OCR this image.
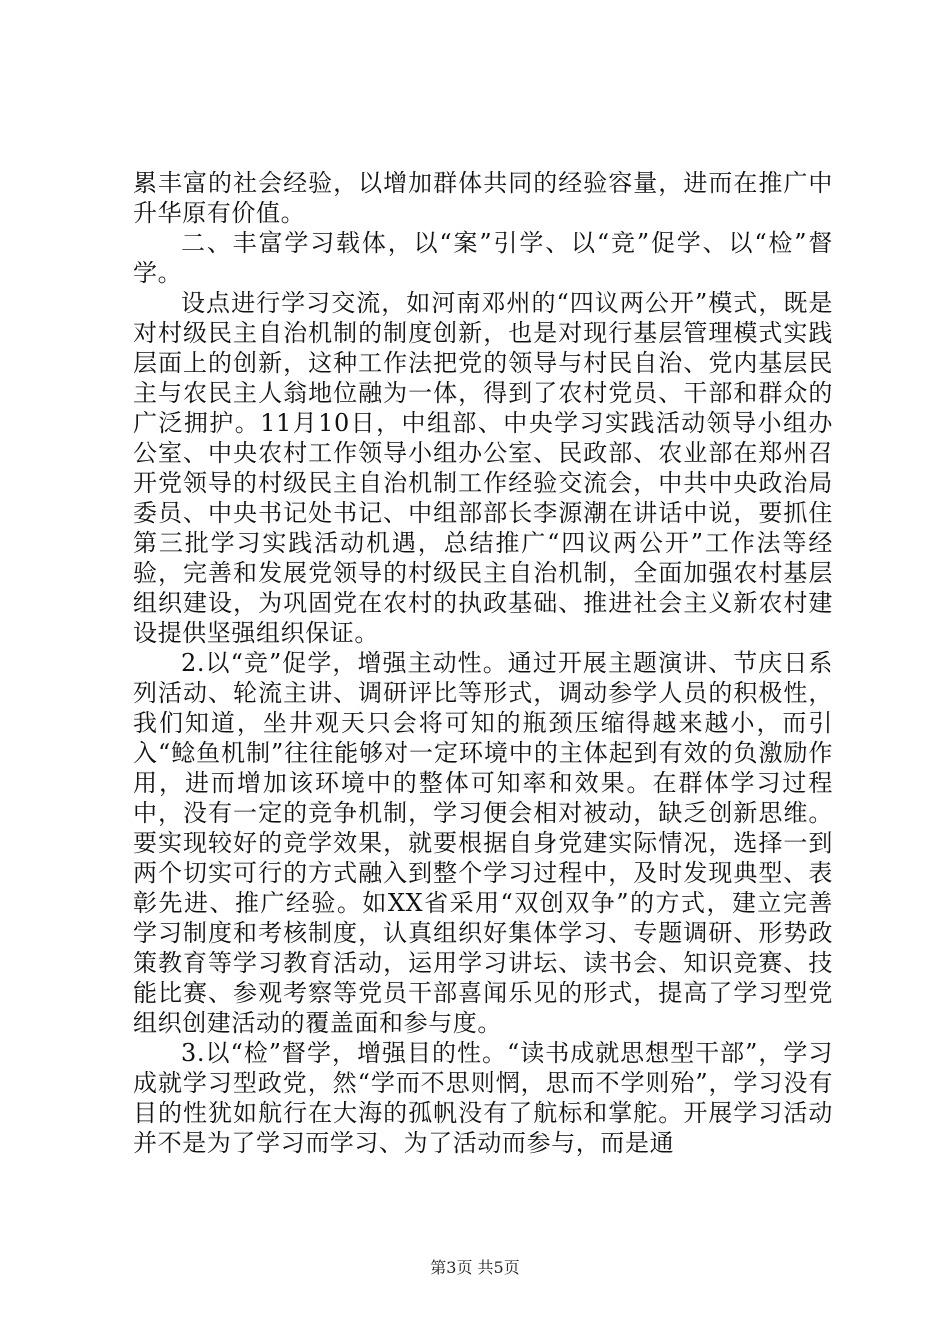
累丰富的社会经验，以增加群体共同的经验容量，进而在推广中升华原有价值。

二、丰富学习载体，以“案”引学、以“竞”促学、以“检”督学。

设点进行学习交流，如河南邓州的“四议两公开”模式，既是对村级民主自治机制的制度创新，也是对现行基层管理模式实践层面上的创新，这种工作法把党的领导与村民自治、党内基层民主与农民主人翁地位融为一体，得到了农村党员、干部和群众的广泛拥护。11月10日，中组部、中央学习实践活动领导小组办公室、中央农村工作领导小组办公室、民政部、农业部在郑州召开党领导的村级民主自治机制工作经验交流会，中共中央政治局委员、中央书记处书记、中组部部长李源潮在讲话中说，要抓住第三批学习实践活动机遇，总结推广“四议两公开”工作法等经验，完善和发展党领导的村级民主自治机制，全面加强农村基层组织建设，为巩固党在农村的执政基础、推进社会主义新农村建设提供坚强组织保证。

2.以“竞”促学，增强主动性。通过开展主题演讲、节庆日系列活动、轮流主讲、调研评比等形式，调动参学人员的积极性，我们知道，坐井观天只会将可知的瓶颈压缩得越来越小，而引入“鲶鱼机制”往往能够对一定环境中的主体起到有效的负激励作用，进而增加该环境中的整体可知率和效果。在群体学习过程中，没有一定的竞争机制，学习便会相对被动，缺乏创新思维。要实现较好的竞学效果，就要根据自身党建实际情况，选择一到两个切实可行的方式融入到整个学习过程中，及时发现典型、表彰先进、推广经验。如XX省采用“双创双争”的方式，建立完善学习制度和考核制度，认真组织好集体学习、专题调研、形势政策教育等学习教育活动，运用学习讲坛、读书会、知识竞赛、技能比赛、参观考察等党员干部喜闻乐见的形式，提高了学习型党组织创建活动的覆盖面和参与度。

3.以“检”督学，增强目的性。“读书成就思想型干部”，学习成就学习型政党，然“学而不思则惘，思而不学则殆”，学习没有目的性犹如航行在大海的孤帆没有了航标和掌舵。开展学习活动并不是为了学习而学习、为了活动而参与，而是通

第3页 共5页
